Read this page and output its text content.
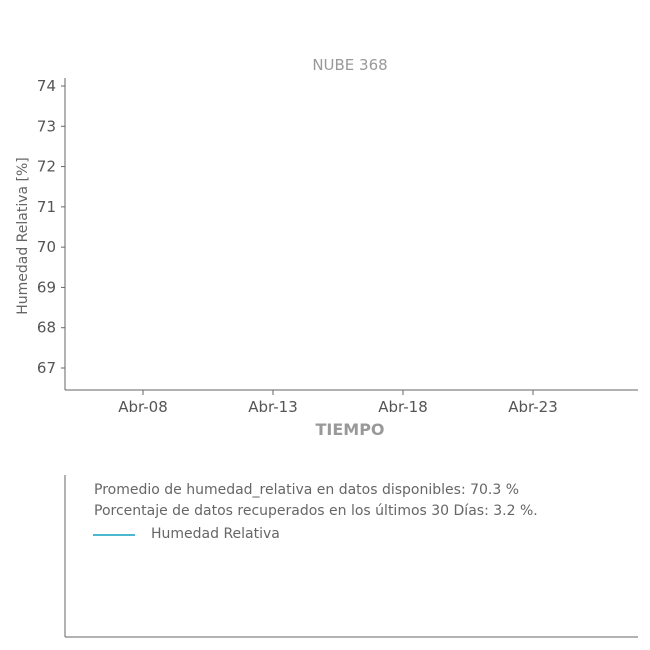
NUBE 368
67
68
69
70
71
72
73
74
Abr-08	Abr-13	Abr-18	Abr-23
Humedad Relativa [%]
TIEMPO
Promedio de humedad_relativa en datos disponibles: 70.3 %
Porcentaje de datos recuperados en los últimos 30 Días: 3.2 %.
Humedad Relativa
